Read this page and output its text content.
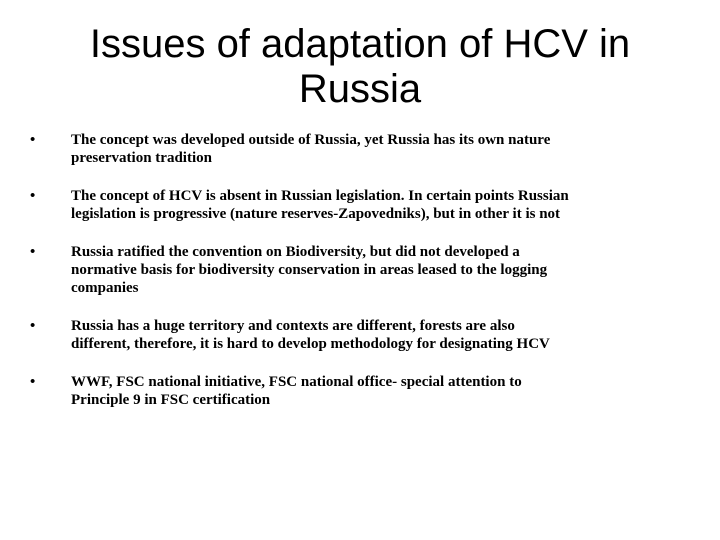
Issues of adaptation of HCV in
Russia
• The concept was developed outside of Russia, yet Russia has its own nature
preservation tradition
• The concept of HCV is absent in Russian legislation. In certain points Russian
legislation is progressive (nature reserves-Zapovedniks), but in other it is not
• Russia ratified the convention on Biodiversity, but did not developed a
normative basis for biodiversity conservation in areas leased to the logging
companies
• Russia has a huge territory and contexts are different, forests are also
different, therefore, it is hard to develop methodology for designating HCV
• WWF, FSC national initiative, FSC national office- special attention to
Principle 9 in FSC certification
